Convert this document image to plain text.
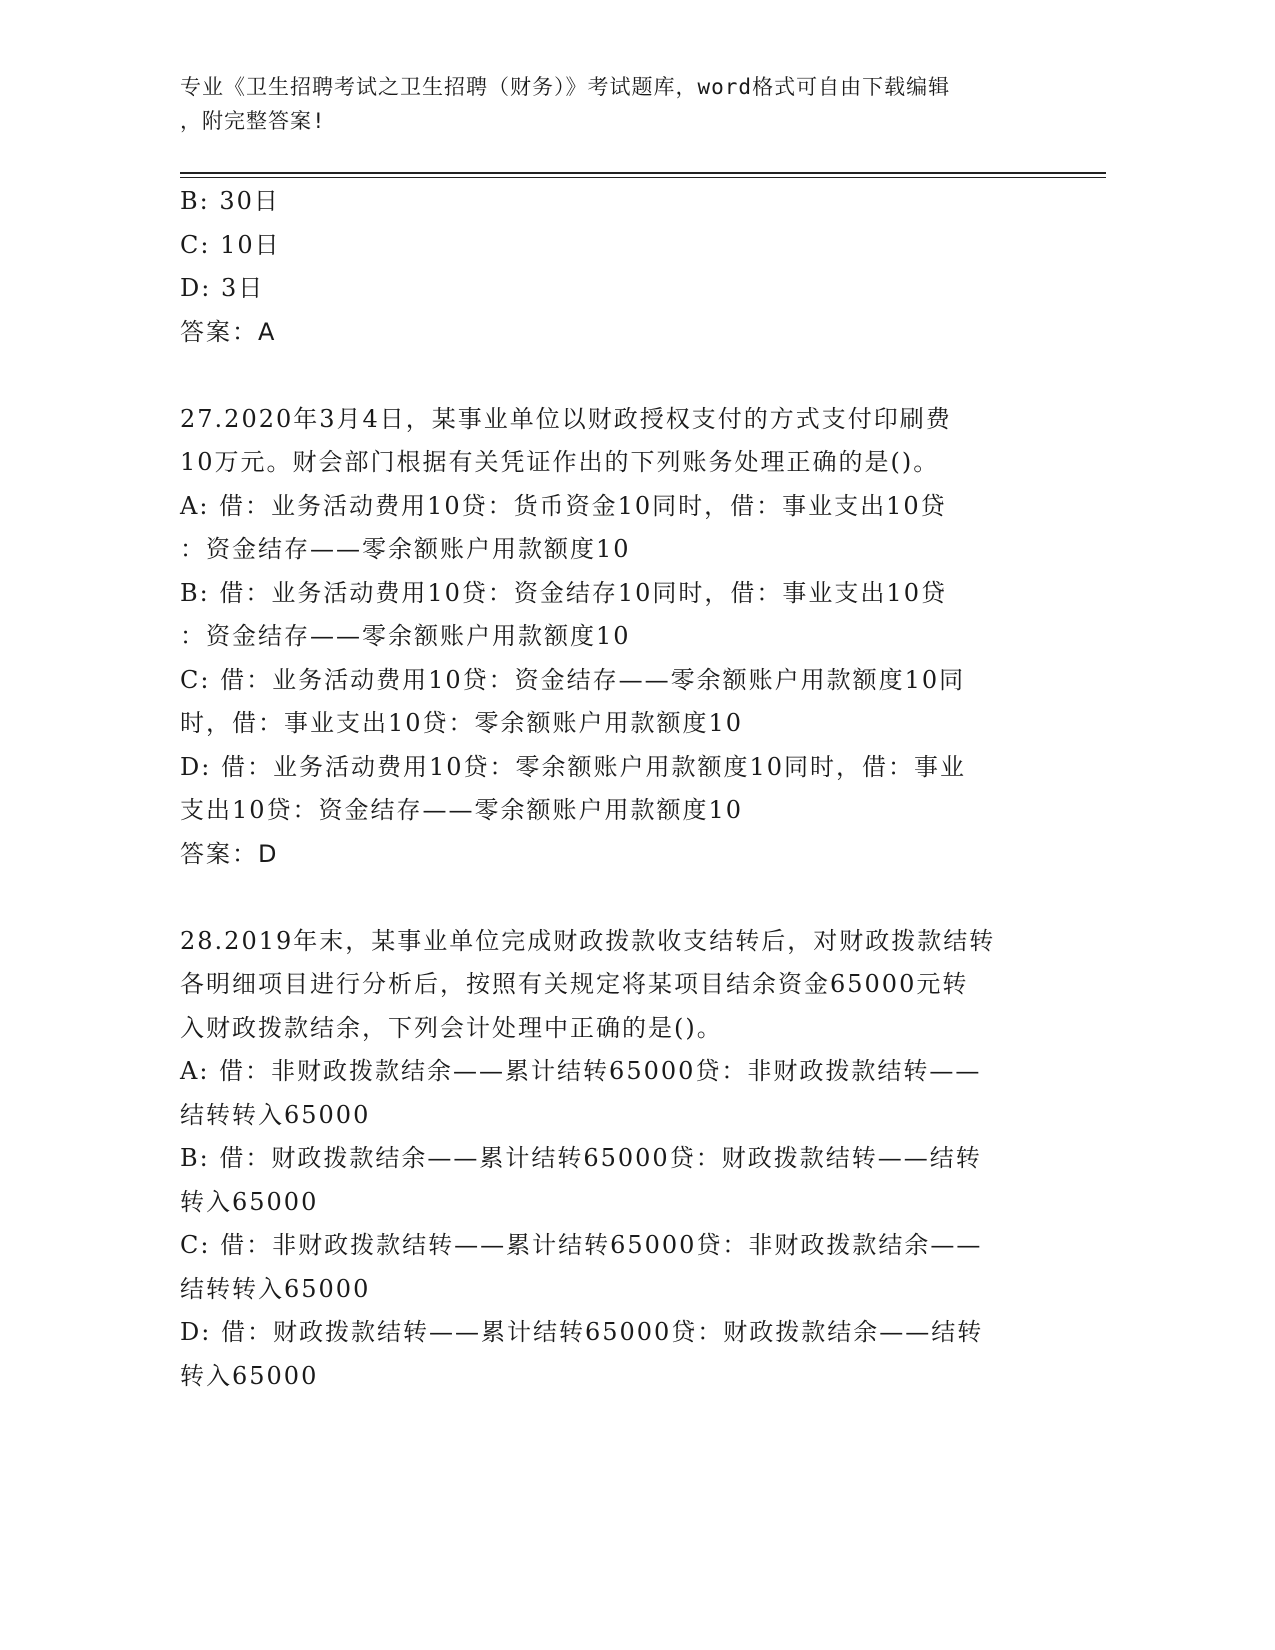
专业《卫生招聘考试之卫生招聘（财务）》考试题库，word格式可自由下载编辑
，附完整答案!
B: 30日
C: 10日
D: 3日
答案：A
27.2020年3月4日，某事业单位以财政授权支付的方式支付印刷费
10万元。财会部门根据有关凭证作出的下列账务处理正确的是()。
A: 借：业务活动费用10贷：货币资金10同时，借：事业支出10贷
：资金结存——零余额账户用款额度10
B: 借：业务活动费用10贷：资金结存10同时，借：事业支出10贷
：资金结存——零余额账户用款额度10
C: 借：业务活动费用10贷：资金结存——零余额账户用款额度10同
时，借：事业支出10贷：零余额账户用款额度10
D: 借：业务活动费用10贷：零余额账户用款额度10同时，借：事业
支出10贷：资金结存——零余额账户用款额度10
答案：D
28.2019年末，某事业单位完成财政拨款收支结转后，对财政拨款结转
各明细项目进行分析后，按照有关规定将某项目结余资金65000元转
入财政拨款结余，下列会计处理中正确的是()。
A: 借：非财政拨款结余——累计结转65000贷：非财政拨款结转——
结转转入65000
B: 借：财政拨款结余——累计结转65000贷：财政拨款结转——结转
转入65000
C: 借：非财政拨款结转——累计结转65000贷：非财政拨款结余——
结转转入65000
D: 借：财政拨款结转——累计结转65000贷：财政拨款结余——结转
转入65000
